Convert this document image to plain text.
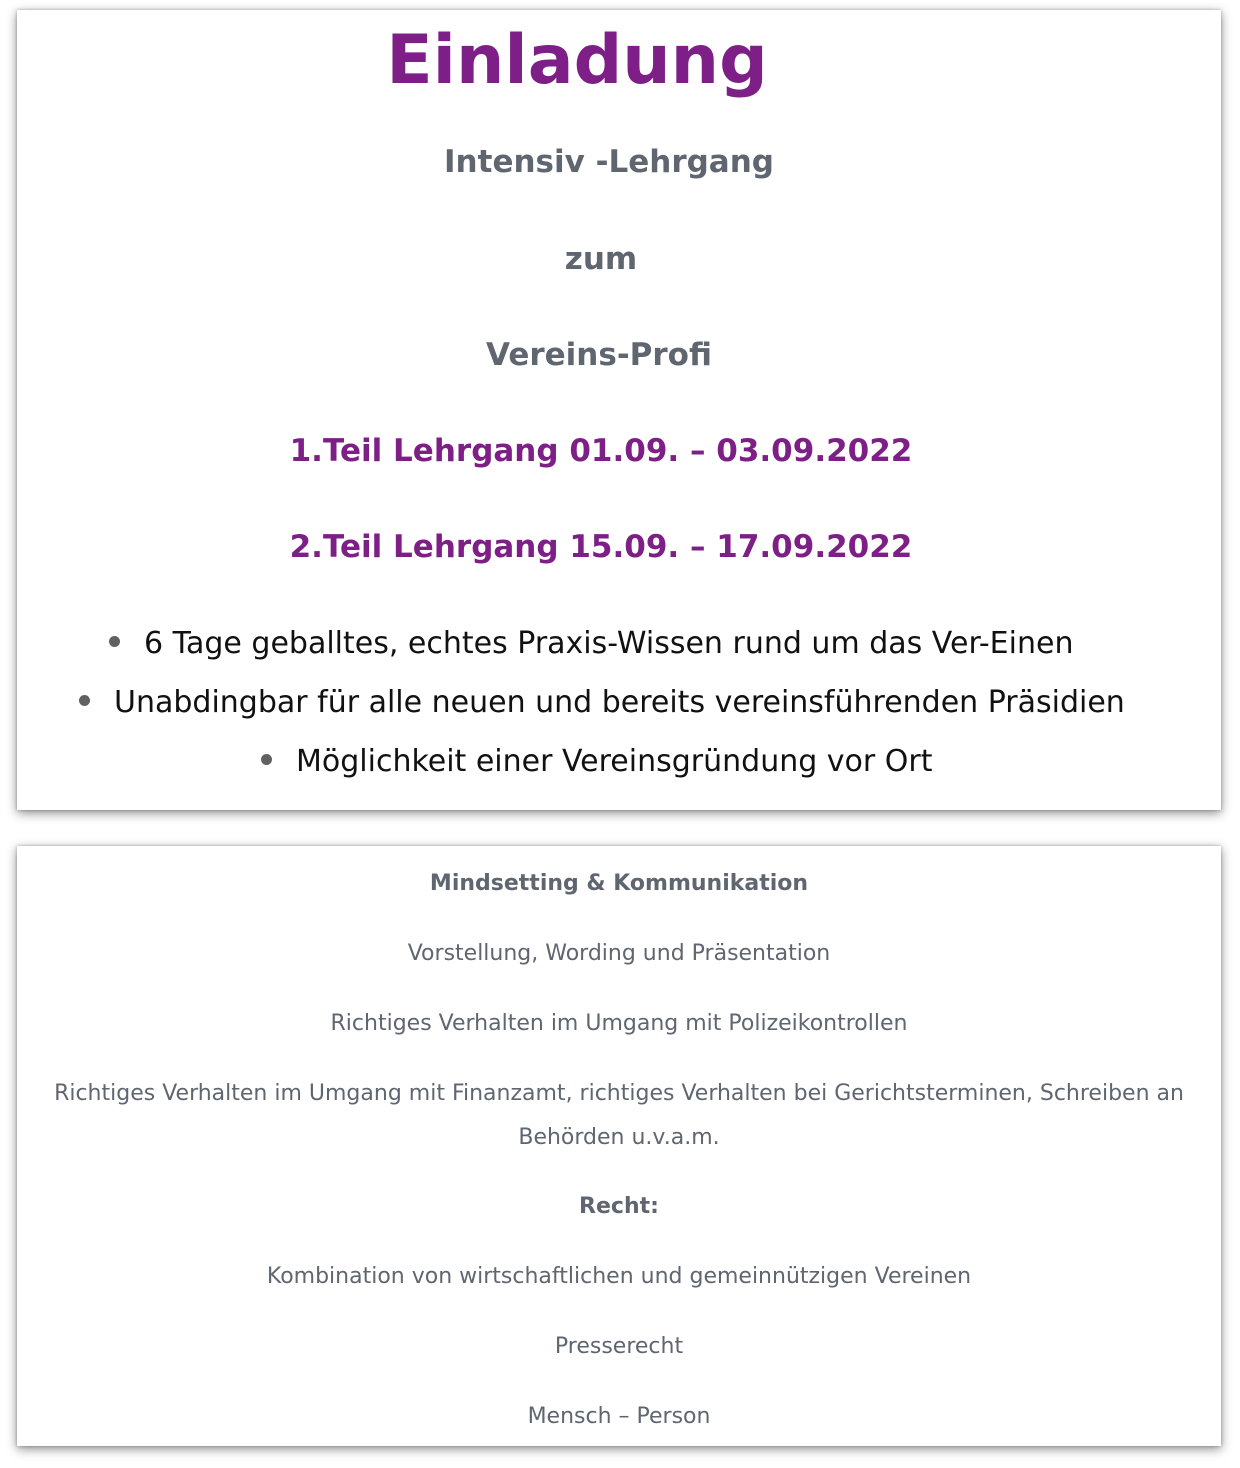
Einladung
Intensiv -Lehrgang
zum
Vereins-Profi
1.Teil Lehrgang 01.09. – 03.09.2022
2.Teil Lehrgang 15.09. – 17.09.2022
6 Tage geballtes, echtes Praxis-Wissen rund um das Ver-Einen
Unabdingbar für alle neuen und bereits vereinsführenden Präsidien
Möglichkeit einer Vereinsgründung vor Ort
Mindsetting & Kommunikation
Vorstellung, Wording und Präsentation
Richtiges Verhalten im Umgang mit Polizeikontrollen
Richtiges Verhalten im Umgang mit Finanzamt, richtiges Verhalten bei Gerichtsterminen, Schreiben an Behörden u.v.a.m.
Recht:
Kombination von wirtschaftlichen und gemeinnützigen Vereinen
Presserecht
Mensch – Person
